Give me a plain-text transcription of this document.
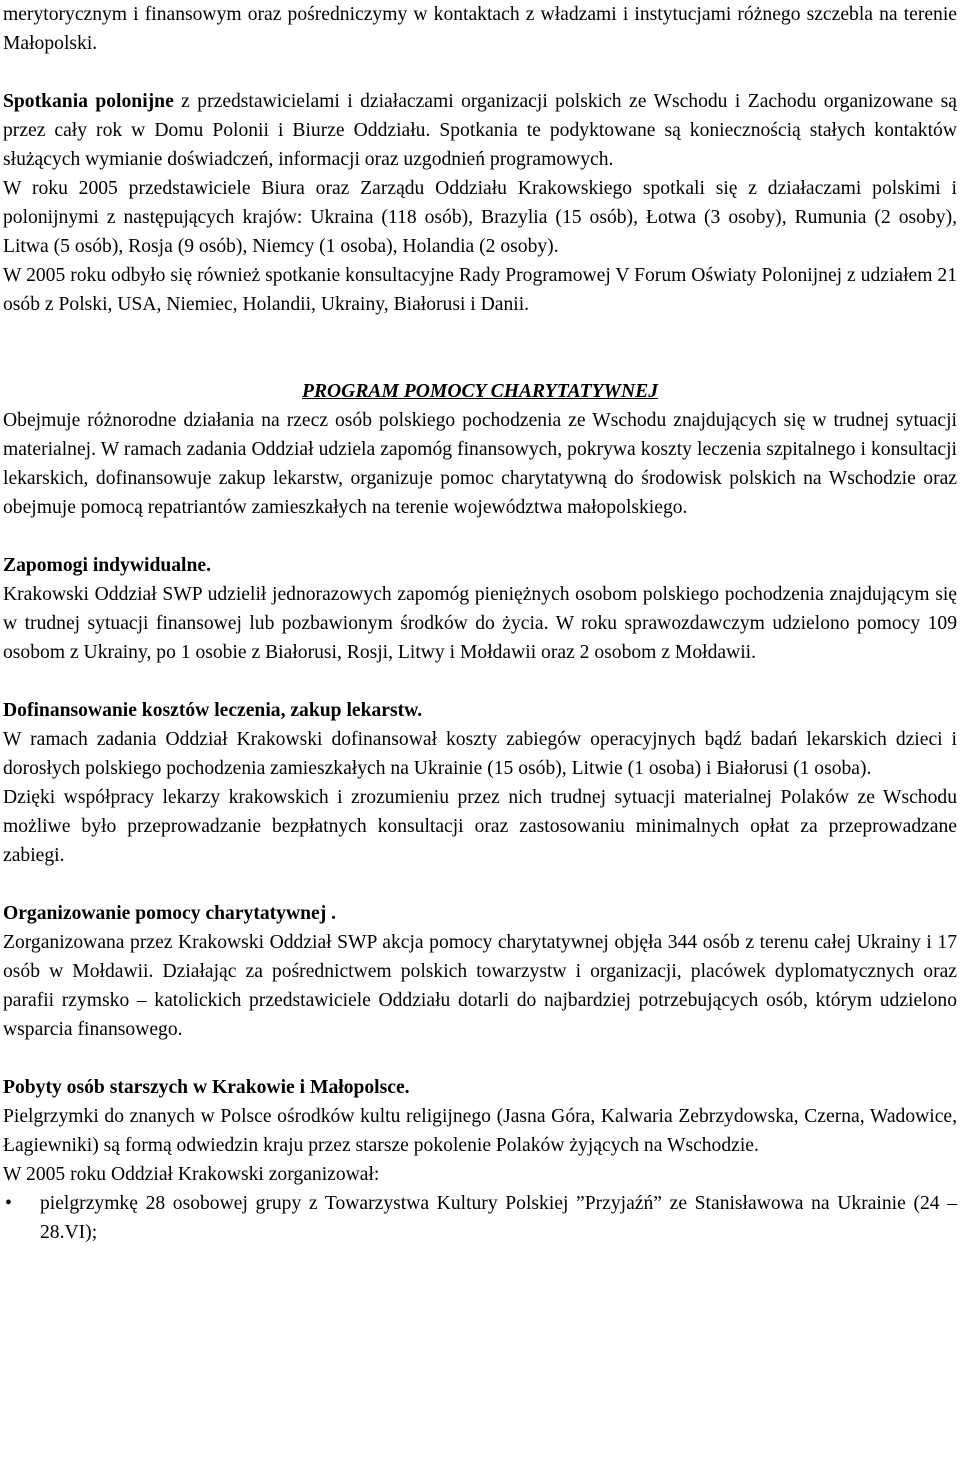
merytorycznym i finansowym oraz pośredniczymy w kontaktach z władzami i instytucjami różnego szczebla na terenie Małopolski.

Spotkania polonijne z przedstawicielami i działaczami organizacji polskich ze Wschodu i Zachodu organizowane są przez cały rok w Domu Polonii i Biurze Oddziału. Spotkania te podyktowane są koniecznością stałych kontaktów służących wymianie doświadczeń, informacji oraz uzgodnień programowych.

W roku 2005 przedstawiciele Biura oraz Zarządu Oddziału Krakowskiego spotkali się z działaczami polskimi i polonijnymi z następujących krajów: Ukraina (118 osób), Brazylia (15 osób), Łotwa (3 osoby), Rumunia (2 osoby), Litwa (5 osób), Rosja (9 osób), Niemcy (1 osoba), Holandia (2 osoby).

W 2005 roku odbyło się również spotkanie konsultacyjne Rady Programowej V Forum Oświaty Polonijnej z udziałem 21 osób z Polski, USA, Niemiec, Holandii, Ukrainy, Białorusi i Danii.

PROGRAM POMOCY CHARYTATYWNEJ

Obejmuje różnorodne działania na rzecz osób polskiego pochodzenia ze Wschodu znajdujących się w trudnej sytuacji materialnej. W ramach zadania Oddział udziela zapomóg finansowych, pokrywa koszty leczenia szpitalnego i konsultacji lekarskich, dofinansowuje zakup lekarstw, organizuje pomoc charytatywną do środowisk polskich na Wschodzie oraz obejmuje pomocą repatriantów zamieszkałych na terenie województwa małopolskiego.

Zapomogi indywidualne.

Krakowski Oddział SWP udzielił jednorazowych zapomóg pieniężnych osobom polskiego pochodzenia znajdującym się w trudnej sytuacji finansowej lub pozbawionym środków do życia. W roku sprawozdawczym udzielono pomocy 109 osobom z Ukrainy, po 1 osobie z Białorusi, Rosji, Litwy i Mołdawii oraz 2 osobom z Mołdawii.

Dofinansowanie kosztów leczenia, zakup lekarstw.

W ramach zadania Oddział Krakowski dofinansował koszty zabiegów operacyjnych bądź badań lekarskich dzieci i dorosłych polskiego pochodzenia zamieszkałych na Ukrainie (15 osób), Litwie (1 osoba) i Białorusi (1 osoba).

Dzięki współpracy lekarzy krakowskich i zrozumieniu przez nich trudnej sytuacji materialnej Polaków ze Wschodu możliwe było przeprowadzanie bezpłatnych konsultacji oraz zastosowaniu minimalnych opłat za przeprowadzane zabiegi.

Organizowanie pomocy charytatywnej .

Zorganizowana przez Krakowski Oddział SWP akcja pomocy charytatywnej objęła 344 osób z terenu całej Ukrainy i 17 osób w Mołdawii. Działając za pośrednictwem polskich towarzystw i organizacji, placówek dyplomatycznych oraz parafii rzymsko – katolickich przedstawiciele Oddziału dotarli do najbardziej potrzebujących osób, którym udzielono wsparcia finansowego.

Pobyty osób starszych w Krakowie i Małopolsce.

Pielgrzymki do znanych w Polsce ośrodków kultu religijnego (Jasna Góra, Kalwaria Zebrzydowska, Czerna, Wadowice, Łagiewniki) są formą odwiedzin kraju przez starsze pokolenie Polaków żyjących na Wschodzie.

W 2005 roku Oddział Krakowski zorganizował:

• pielgrzymkę 28 osobowej grupy z Towarzystwa Kultury Polskiej ”Przyjaźń” ze Stanisławowa na Ukrainie (24 – 28.VI);
